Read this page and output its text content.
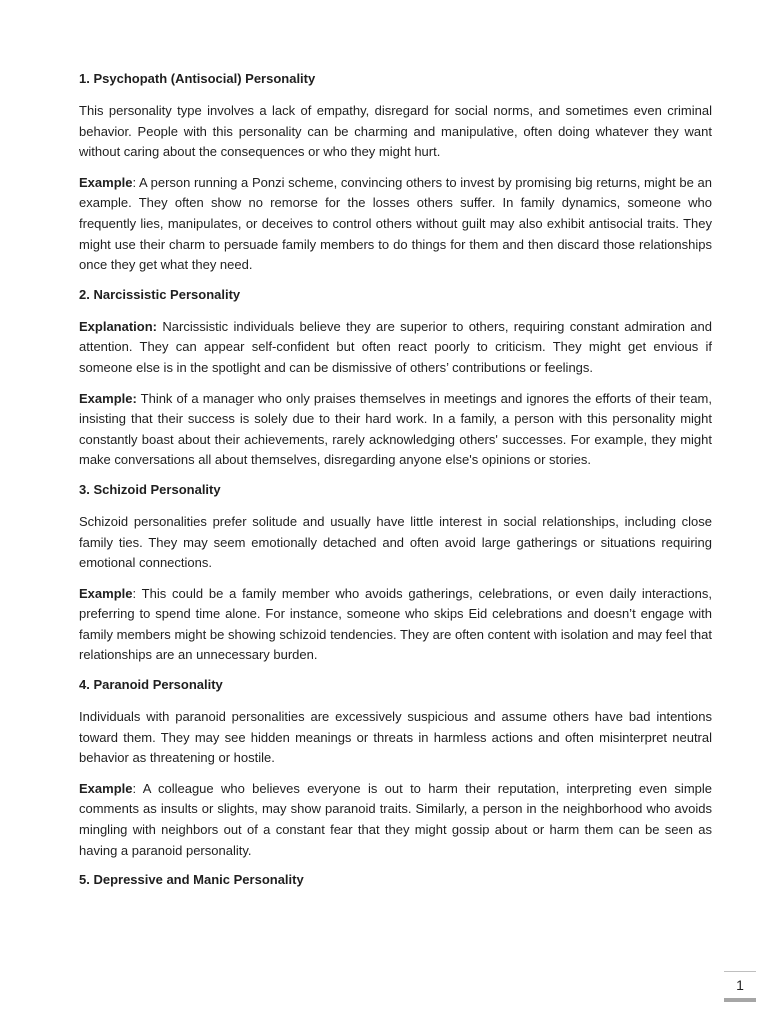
1. Psychopath (Antisocial) Personality

This personality type involves a lack of empathy, disregard for social norms, and sometimes even criminal behavior. People with this personality can be charming and manipulative, often doing whatever they want without caring about the consequences or who they might hurt.

Example: A person running a Ponzi scheme, convincing others to invest by promising big returns, might be an example. They often show no remorse for the losses others suffer. In family dynamics, someone who frequently lies, manipulates, or deceives to control others without guilt may also exhibit antisocial traits. They might use their charm to persuade family members to do things for them and then discard those relationships once they get what they need.

2. Narcissistic Personality

Explanation: Narcissistic individuals believe they are superior to others, requiring constant admiration and attention. They can appear self-confident but often react poorly to criticism. They might get envious if someone else is in the spotlight and can be dismissive of others’ contributions or feelings.

Example: Think of a manager who only praises themselves in meetings and ignores the efforts of their team, insisting that their success is solely due to their hard work. In a family, a person with this personality might constantly boast about their achievements, rarely acknowledging others' successes. For example, they might make conversations all about themselves, disregarding anyone else's opinions or stories.

3. Schizoid Personality

Schizoid personalities prefer solitude and usually have little interest in social relationships, including close family ties. They may seem emotionally detached and often avoid large gatherings or situations requiring emotional connections.

Example: This could be a family member who avoids gatherings, celebrations, or even daily interactions, preferring to spend time alone. For instance, someone who skips Eid celebrations and doesn’t engage with family members might be showing schizoid tendencies. They are often content with isolation and may feel that relationships are an unnecessary burden.

4. Paranoid Personality

Individuals with paranoid personalities are excessively suspicious and assume others have bad intentions toward them. They may see hidden meanings or threats in harmless actions and often misinterpret neutral behavior as threatening or hostile.

Example: A colleague who believes everyone is out to harm their reputation, interpreting even simple comments as insults or slights, may show paranoid traits. Similarly, a person in the neighborhood who avoids mingling with neighbors out of a constant fear that they might gossip about or harm them can be seen as having a paranoid personality.

5. Depressive and Manic Personality
1
